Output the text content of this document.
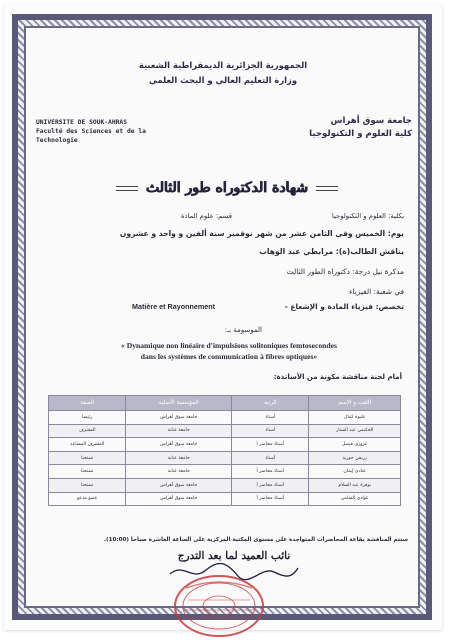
الجمهورية الجزائرية الديمقراطية الشعبية
وزارة التعليم العالي و البحث العلمي
UNIVERSITE DE SOUK-AHRAS
Faculté des Sciences et de la
Technologie
جامعة سوق أهراس
كلية العلوم و التكنولوجيا
شهادة الدكتوراه طور الثالث
بكلية: العلوم و التكنولوجيا
قسم: علوم المادة
يوم: الخميس وفي الثامن عشر من شهر نوفمبر سنة ألفين و واحد و عشرون
يناقش الطالب(ة): مرابطي عبد الوهاب
مذكرة نيل درجة: دكتوراه الطور الثالث
في شعبة: الفيزياء
تخصص: فيزياء المادة و الإشعاع -
Matière et Rayonnement
الموسومة بـ:
« Dynamique non linéaire d'impulsions solitoniques femtosecondes
dans les systèmes de communication à fibres optiques»
أمام لجنة مناقشة مكونة من الأساتذة:
الصفة	المؤسسة الأصلية	الرتبة	اللقب و الإسم
رئيسا	جامعة سوق أهراس	أستاذ	عليوة كمال
المشرف	جامعة عنابة	أستاذ	الحكيمي عبد الستار
المشرف المساعد	جامعة سوق أهراس	أستاذ محاضر أ	عزوزي فيصل
ممتحنا	جامعة عنابة	أستاذ	زريقي حورية
ممتحنا	جامعة عنابة	أستاذ محاضر أ	عنادي إيمان
ممتحنا	جامعة سوق أهراس	أستاذ محاضر أ	بوقرة عبد السلام
عضو مدعو	جامعة سوق أهراس	أستاذ محاضر أ	عوادي السامي
ستتم المناقشة بقاعة المحاضرات المتواجدة على مستوى المكتبة المركزية على الساعة العاشرة صباحا (10:00).
نائب العميد لما بعد التدرج
